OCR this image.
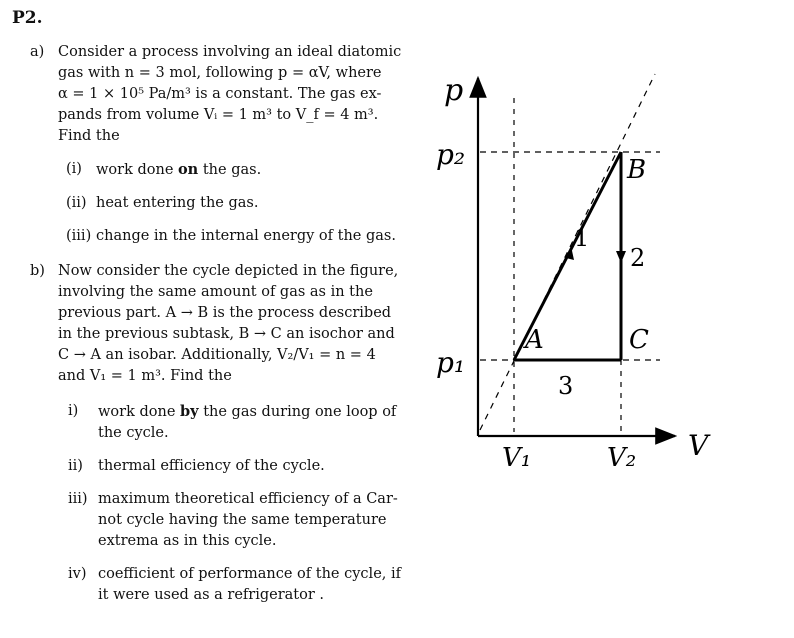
P2.
a) Consider a process involving an ideal diatomic
gas with n = 3 mol, following p = αV, where
α = 1 × 10⁵ Pa/m³ is a constant. The gas ex-
pands from volume Vᵢ = 1 m³ to V_f = 4 m³.
Find the
(i) work done on the gas.
(ii) heat entering the gas.
(iii) change in the internal energy of the gas.
b) Now consider the cycle depicted in the figure,
involving the same amount of gas as in the
previous part. A → B is the process described
in the previous subtask, B → C an isochor and
C → A an isobar. Additionally, V₂/V₁ = n = 4
and V₁ = 1 m³. Find the
i) work done by the gas during one loop of
the cycle.
ii) thermal efficiency of the cycle.
iii) maximum theoretical efficiency of a Car-
not cycle having the same temperature
extrema as in this cycle.
iv) coefficient of performance of the cycle, if
it were used as a refrigerator .
p
V
p₂
p₁
V₁	V₂
A
B
C
1
2
3
